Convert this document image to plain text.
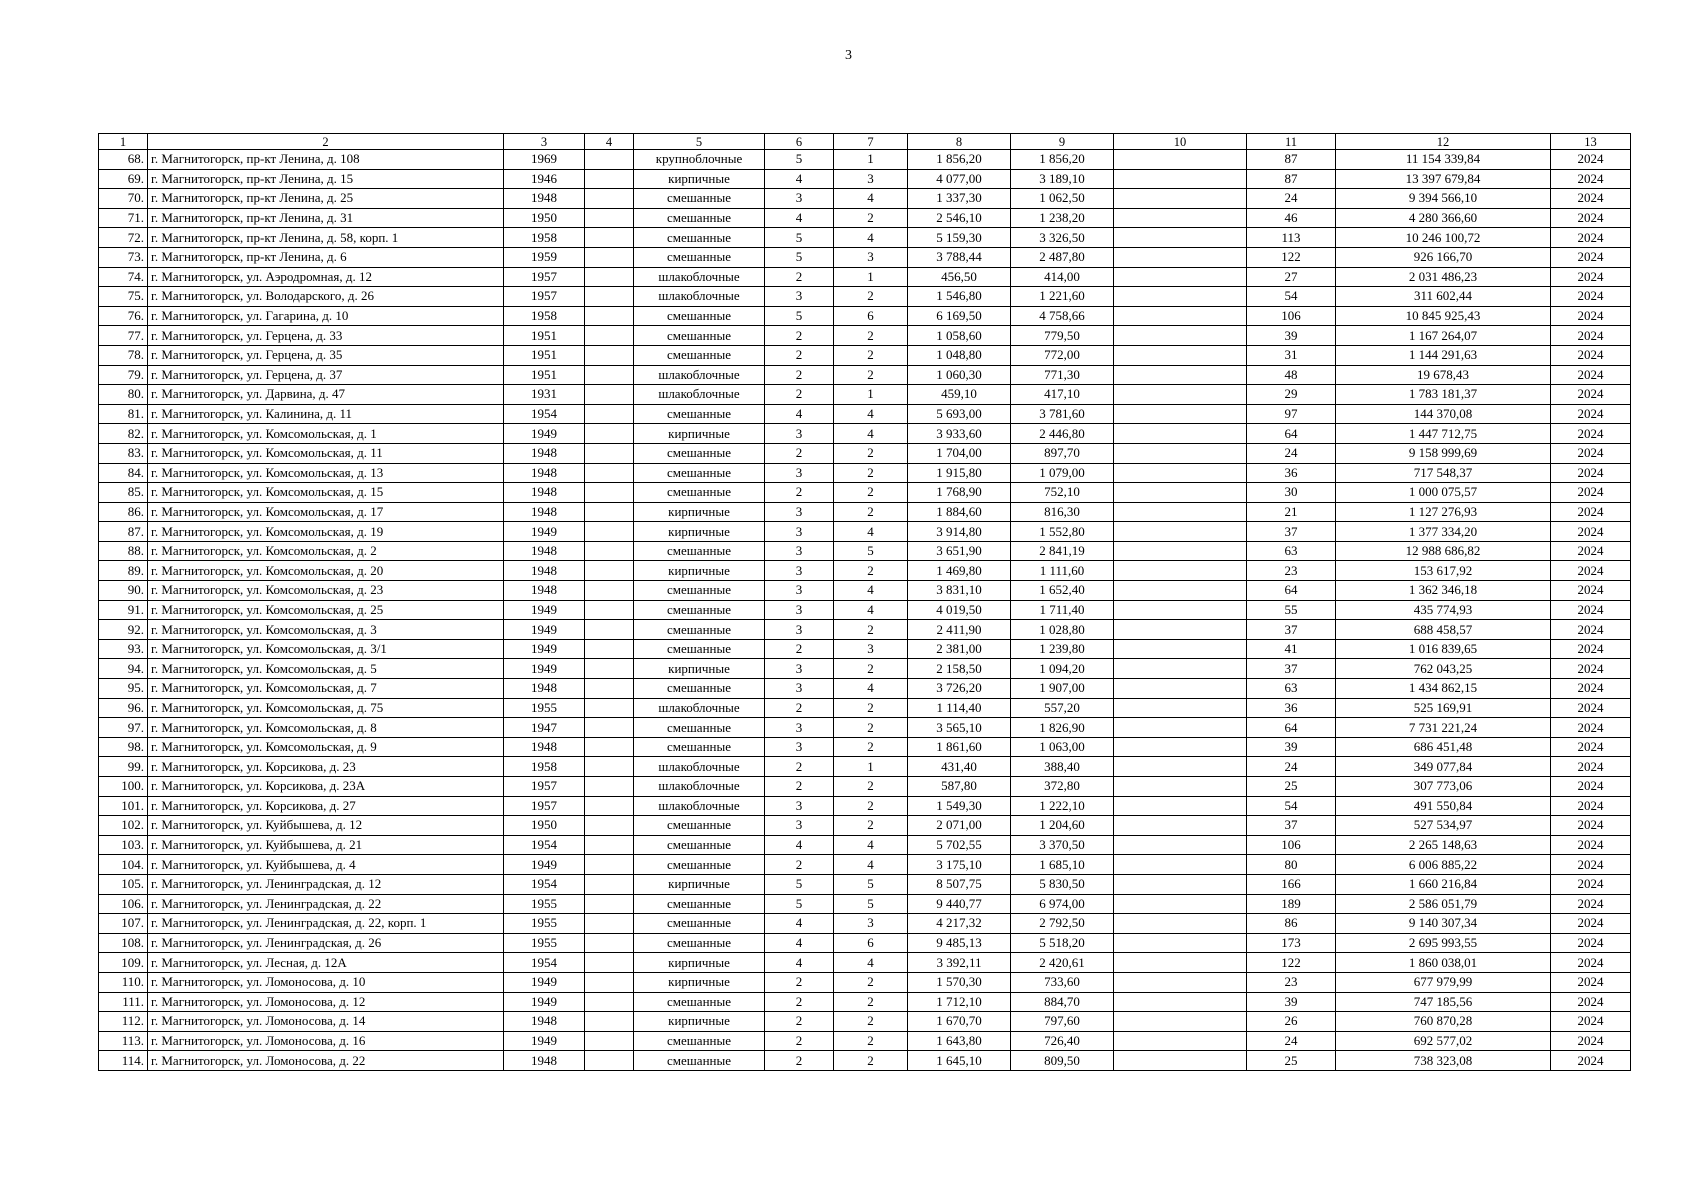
3
1	2	3	4	5	6	7	8	9	10	11	12	13
68.	г. Магнитогорск, пр-кт Ленина, д. 108	1969		крупноблочные	5	1	1 856,20	1 856,20		87	11 154 339,84	2024
69.	г. Магнитогорск, пр-кт Ленина, д. 15	1946		кирпичные	4	3	4 077,00	3 189,10		87	13 397 679,84	2024
70.	г. Магнитогорск, пр-кт Ленина, д. 25	1948		смешанные	3	4	1 337,30	1 062,50		24	9 394 566,10	2024
71.	г. Магнитогорск, пр-кт Ленина, д. 31	1950		смешанные	4	2	2 546,10	1 238,20		46	4 280 366,60	2024
72.	г. Магнитогорск, пр-кт Ленина, д. 58, корп. 1	1958		смешанные	5	4	5 159,30	3 326,50		113	10 246 100,72	2024
73.	г. Магнитогорск, пр-кт Ленина, д. 6	1959		смешанные	5	3	3 788,44	2 487,80		122	926 166,70	2024
74.	г. Магнитогорск, ул. Аэродромная, д. 12	1957		шлакоблочные	2	1	456,50	414,00		27	2 031 486,23	2024
75.	г. Магнитогорск, ул. Володарского, д. 26	1957		шлакоблочные	3	2	1 546,80	1 221,60		54	311 602,44	2024
76.	г. Магнитогорск, ул. Гагарина, д. 10	1958		смешанные	5	6	6 169,50	4 758,66		106	10 845 925,43	2024
77.	г. Магнитогорск, ул. Герцена, д. 33	1951		смешанные	2	2	1 058,60	779,50		39	1 167 264,07	2024
78.	г. Магнитогорск, ул. Герцена, д. 35	1951		смешанные	2	2	1 048,80	772,00		31	1 144 291,63	2024
79.	г. Магнитогорск, ул. Герцена, д. 37	1951		шлакоблочные	2	2	1 060,30	771,30		48	19 678,43	2024
80.	г. Магнитогорск, ул. Дарвина, д. 47	1931		шлакоблочные	2	1	459,10	417,10		29	1 783 181,37	2024
81.	г. Магнитогорск, ул. Калинина, д. 11	1954		смешанные	4	4	5 693,00	3 781,60		97	144 370,08	2024
82.	г. Магнитогорск, ул. Комсомольская, д. 1	1949		кирпичные	3	4	3 933,60	2 446,80		64	1 447 712,75	2024
83.	г. Магнитогорск, ул. Комсомольская, д. 11	1948		смешанные	2	2	1 704,00	897,70		24	9 158 999,69	2024
84.	г. Магнитогорск, ул. Комсомольская, д. 13	1948		смешанные	3	2	1 915,80	1 079,00		36	717 548,37	2024
85.	г. Магнитогорск, ул. Комсомольская, д. 15	1948		смешанные	2	2	1 768,90	752,10		30	1 000 075,57	2024
86.	г. Магнитогорск, ул. Комсомольская, д. 17	1948		кирпичные	3	2	1 884,60	816,30		21	1 127 276,93	2024
87.	г. Магнитогорск, ул. Комсомольская, д. 19	1949		кирпичные	3	4	3 914,80	1 552,80		37	1 377 334,20	2024
88.	г. Магнитогорск, ул. Комсомольская, д. 2	1948		смешанные	3	5	3 651,90	2 841,19		63	12 988 686,82	2024
89.	г. Магнитогорск, ул. Комсомольская, д. 20	1948		кирпичные	3	2	1 469,80	1 111,60		23	153 617,92	2024
90.	г. Магнитогорск, ул. Комсомольская, д. 23	1948		смешанные	3	4	3 831,10	1 652,40		64	1 362 346,18	2024
91.	г. Магнитогорск, ул. Комсомольская, д. 25	1949		смешанные	3	4	4 019,50	1 711,40		55	435 774,93	2024
92.	г. Магнитогорск, ул. Комсомольская, д. 3	1949		смешанные	3	2	2 411,90	1 028,80		37	688 458,57	2024
93.	г. Магнитогорск, ул. Комсомольская, д. 3/1	1949		смешанные	2	3	2 381,00	1 239,80		41	1 016 839,65	2024
94.	г. Магнитогорск, ул. Комсомольская, д. 5	1949		кирпичные	3	2	2 158,50	1 094,20		37	762 043,25	2024
95.	г. Магнитогорск, ул. Комсомольская, д. 7	1948		смешанные	3	4	3 726,20	1 907,00		63	1 434 862,15	2024
96.	г. Магнитогорск, ул. Комсомольская, д. 75	1955		шлакоблочные	2	2	1 114,40	557,20		36	525 169,91	2024
97.	г. Магнитогорск, ул. Комсомольская, д. 8	1947		смешанные	3	2	3 565,10	1 826,90		64	7 731 221,24	2024
98.	г. Магнитогорск, ул. Комсомольская, д. 9	1948		смешанные	3	2	1 861,60	1 063,00		39	686 451,48	2024
99.	г. Магнитогорск, ул. Корсикова, д. 23	1958		шлакоблочные	2	1	431,40	388,40		24	349 077,84	2024
100.	г. Магнитогорск, ул. Корсикова, д. 23А	1957		шлакоблочные	2	2	587,80	372,80		25	307 773,06	2024
101.	г. Магнитогорск, ул. Корсикова, д. 27	1957		шлакоблочные	3	2	1 549,30	1 222,10		54	491 550,84	2024
102.	г. Магнитогорск, ул. Куйбышева, д. 12	1950		смешанные	3	2	2 071,00	1 204,60		37	527 534,97	2024
103.	г. Магнитогорск, ул. Куйбышева, д. 21	1954		смешанные	4	4	5 702,55	3 370,50		106	2 265 148,63	2024
104.	г. Магнитогорск, ул. Куйбышева, д. 4	1949		смешанные	2	4	3 175,10	1 685,10		80	6 006 885,22	2024
105.	г. Магнитогорск, ул. Ленинградская, д. 12	1954		кирпичные	5	5	8 507,75	5 830,50		166	1 660 216,84	2024
106.	г. Магнитогорск, ул. Ленинградская, д. 22	1955		смешанные	5	5	9 440,77	6 974,00		189	2 586 051,79	2024
107.	г. Магнитогорск, ул. Ленинградская, д. 22, корп. 1	1955		смешанные	4	3	4 217,32	2 792,50		86	9 140 307,34	2024
108.	г. Магнитогорск, ул. Ленинградская, д. 26	1955		смешанные	4	6	9 485,13	5 518,20		173	2 695 993,55	2024
109.	г. Магнитогорск, ул. Лесная, д. 12А	1954		кирпичные	4	4	3 392,11	2 420,61		122	1 860 038,01	2024
110.	г. Магнитогорск, ул. Ломоносова, д. 10	1949		кирпичные	2	2	1 570,30	733,60		23	677 979,99	2024
111.	г. Магнитогорск, ул. Ломоносова, д. 12	1949		смешанные	2	2	1 712,10	884,70		39	747 185,56	2024
112.	г. Магнитогорск, ул. Ломоносова, д. 14	1948		кирпичные	2	2	1 670,70	797,60		26	760 870,28	2024
113.	г. Магнитогорск, ул. Ломоносова, д. 16	1949		смешанные	2	2	1 643,80	726,40		24	692 577,02	2024
114.	г. Магнитогорск, ул. Ломоносова, д. 22	1948		смешанные	2	2	1 645,10	809,50		25	738 323,08	2024
